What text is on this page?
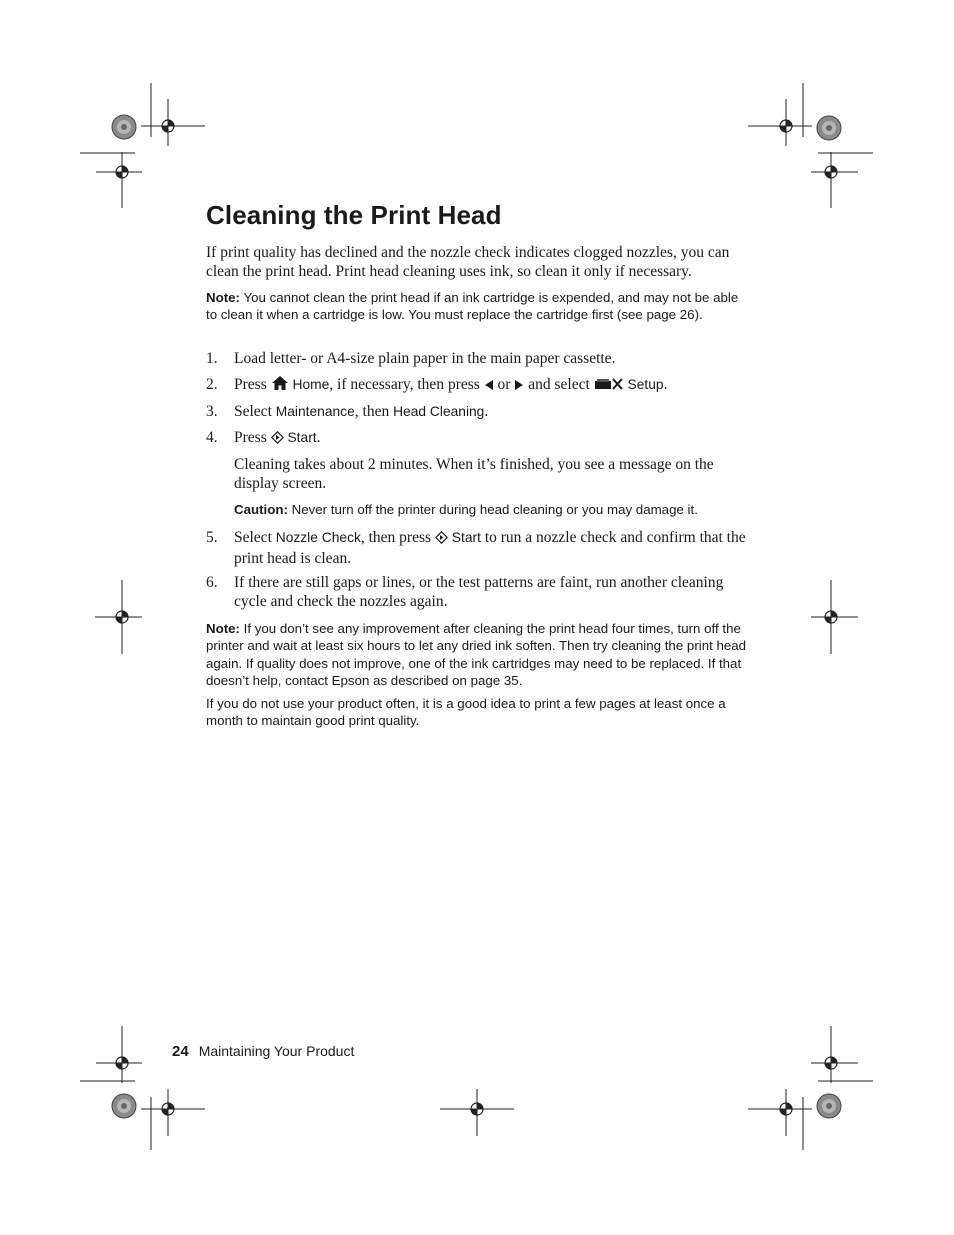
Cleaning the Print Head
If print quality has declined and the nozzle check indicates clogged nozzles, you can clean the print head. Print head cleaning uses ink, so clean it only if necessary.
Note: You cannot clean the print head if an ink cartridge is expended, and may not be able to clean it when a cartridge is low. You must replace the cartridge first (see page 26).
1.	Load letter- or A4-size plain paper in the main paper cassette.
2.	Press Home, if necessary, then press or and select	Setup.
3.	Select Maintenance, then Head Cleaning.
4.	Press Start.
Cleaning takes about 2 minutes. When it’s finished, you see a message on the display screen.
Caution: Never turn off the printer during head cleaning or you may damage it.
5.	Select Nozzle Check, then press Start to run a nozzle check and confirm that the print head is clean.
6.	If there are still gaps or lines, or the test patterns are faint, run another cleaning cycle and check the nozzles again.
Note: If you don’t see any improvement after cleaning the print head four times, turn off the printer and wait at least six hours to let any dried ink soften. Then try cleaning the print head again. If quality does not improve, one of the ink cartridges may need to be replaced. If that doesn’t help, contact Epson as described on page 35.
If you do not use your product often, it is a good idea to print a few pages at least once a month to maintain good print quality.
24 Maintaining Your Product
